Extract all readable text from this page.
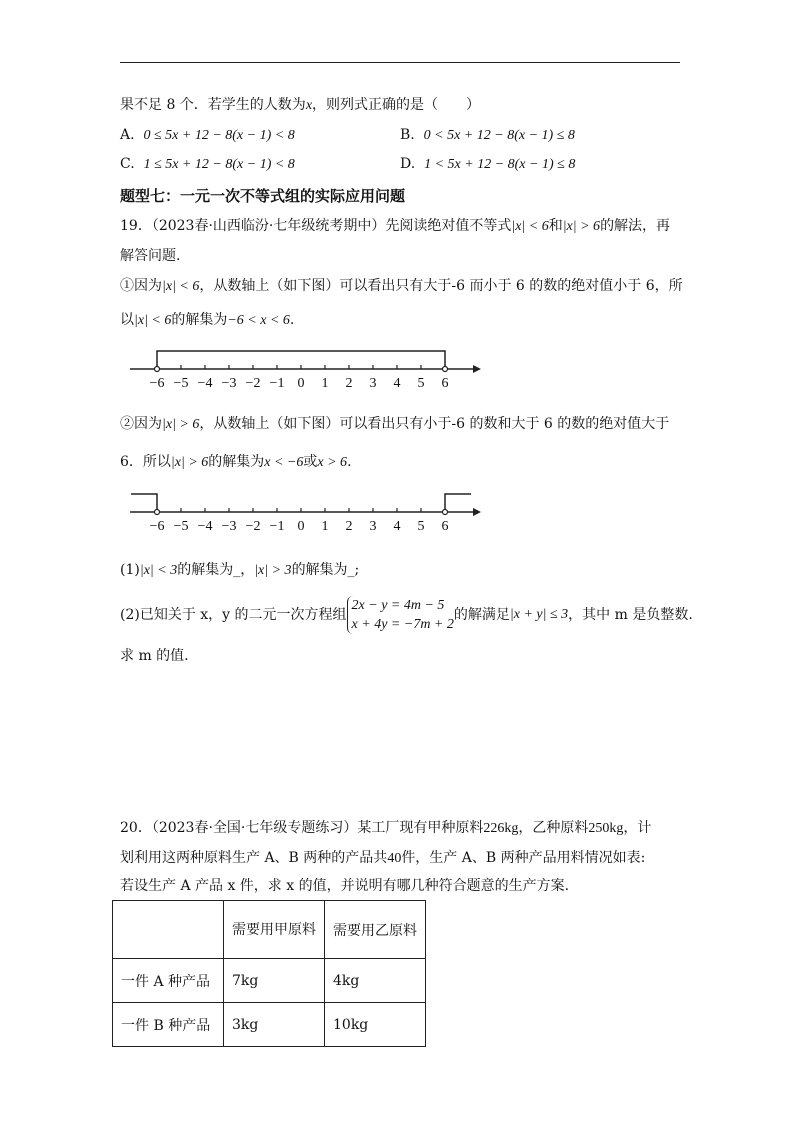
果不足 8 个．若学生的人数为x，则列式正确的是（　　）
A. 0 ≤ 5x + 12 − 8(x − 1) < 8	B. 0 < 5x + 12 − 8(x − 1) ≤ 8
C. 1 ≤ 5x + 12 − 8(x − 1) < 8	D. 1 < 5x + 12 − 8(x − 1) ≤ 8
题型七：一元一次不等式组的实际应用问题
19．（2023春·山西临汾·七年级统考期中）先阅读绝对值不等式|x| < 6和|x| > 6的解法，再
解答问题.
①因为|x| < 6，从数轴上（如下图）可以看出只有大于-6 而小于 6 的数的绝对值小于 6，所
以|x| < 6的解集为−6 < x < 6.
−6 −5 −4 −3 −2 −1 0 1 2 3 4 5 6
②因为|x| > 6，从数轴上（如下图）可以看出只有小于-6 的数和大于 6 的数的绝对值大于
6．所以|x| > 6的解集为x < −6或x > 6.
−6 −5 −4 −3 −2 −1 0 1 2 3 4 5 6
(1)|x| < 3的解集为_，|x| > 3的解集为_;
(2)已知关于 x，y 的二元一次方程组2x − y = 4m − 5
x + 4y = −7m + 2的解满足|x + y| ≤ 3，其中 m 是负整数.
求 m 的值.
20．（2023春·全国·七年级专题练习）某工厂现有甲种原料226kg，乙种原料250kg，计
划利用这两种原料生产 A、B 两种的产品共40件，生产 A、B 两种产品用料情况如表:
若设生产 A 产品 x 件，求 x 的值，并说明有哪几种符合题意的生产方案.
	需要用甲原料	需要用乙原料
一件 A 种产品	7kg	4kg
一件 B 种产品	3kg	10kg
